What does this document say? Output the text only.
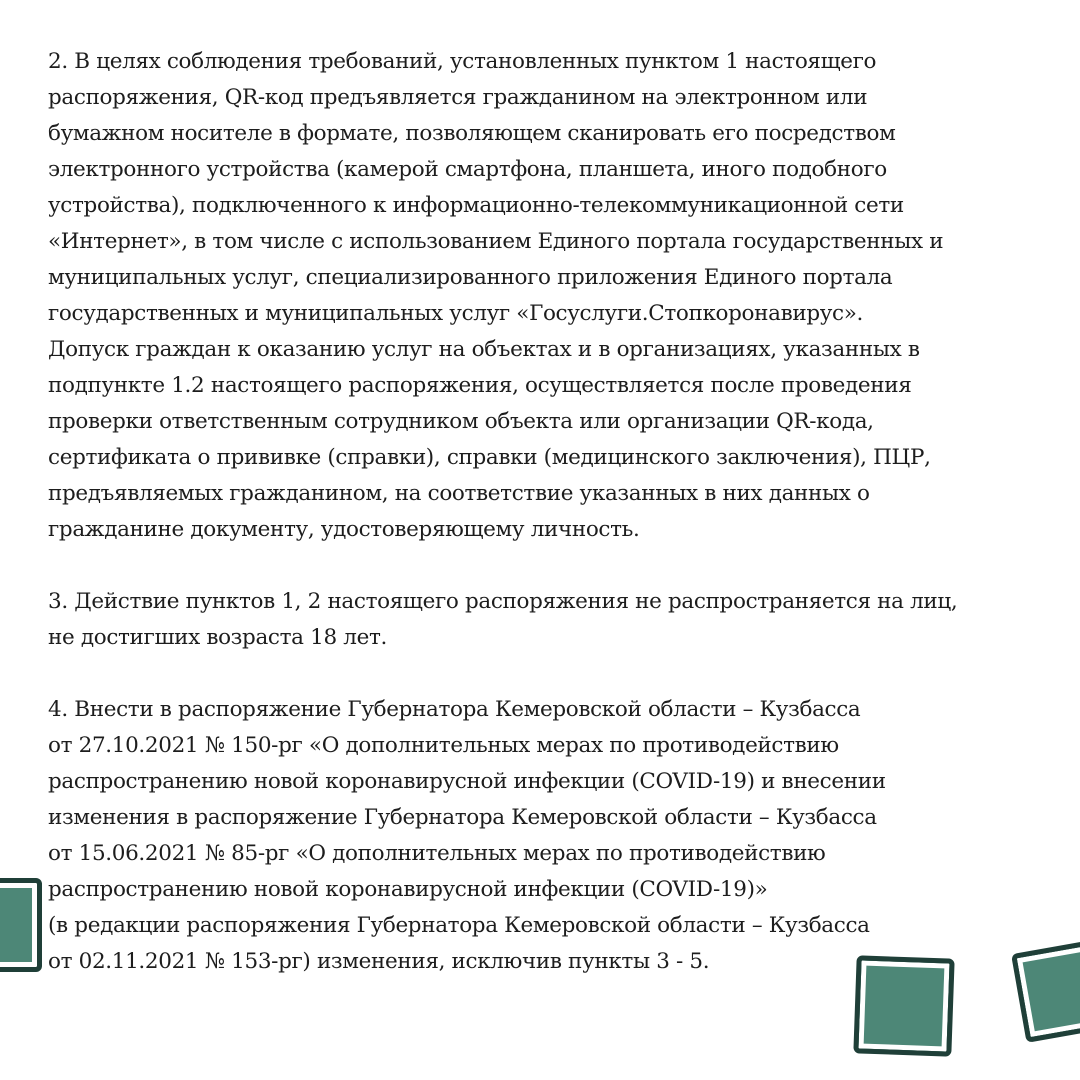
2. В целях соблюдения требований, установленных пунктом 1 настоящего
распоряжения, QR-код предъявляется гражданином на электронном или
бумажном носителе в формате, позволяющем сканировать его посредством
электронного устройства (камерой смартфона, планшета, иного подобного
устройства), подключенного к информационно-телекоммуникационной сети
«Интернет», в том числе с использованием Единого портала государственных и
муниципальных услуг, специализированного приложения Единого портала
государственных и муниципальных услуг «Госуслуги.Стопкоронавирус».
Допуск граждан к оказанию услуг на объектах и в организациях, указанных в
подпункте 1.2 настоящего распоряжения, осуществляется после проведения
проверки ответственным сотрудником объекта или организации QR-кода,
сертификата о прививке (справки), справки (медицинского заключения), ПЦР,
предъявляемых гражданином, на соответствие указанных в них данных о
гражданине документу, удостоверяющему личность.
3. Действие пунктов 1, 2 настоящего распоряжения не распространяется на лиц,
не достигших возраста 18 лет.
4. Внести в распоряжение Губернатора Кемеровской области – Кузбасса
от 27.10.2021 № 150-рг «О дополнительных мерах по противодействию
распространению новой коронавирусной инфекции (COVID-19) и внесении
изменения в распоряжение Губернатора Кемеровской области – Кузбасса
от 15.06.2021 № 85-рг «О дополнительных мерах по противодействию
распространению новой коронавирусной инфекции (COVID-19)»
(в редакции распоряжения Губернатора Кемеровской области – Кузбасса
от 02.11.2021 № 153-рг) изменения, исключив пункты 3 - 5.
